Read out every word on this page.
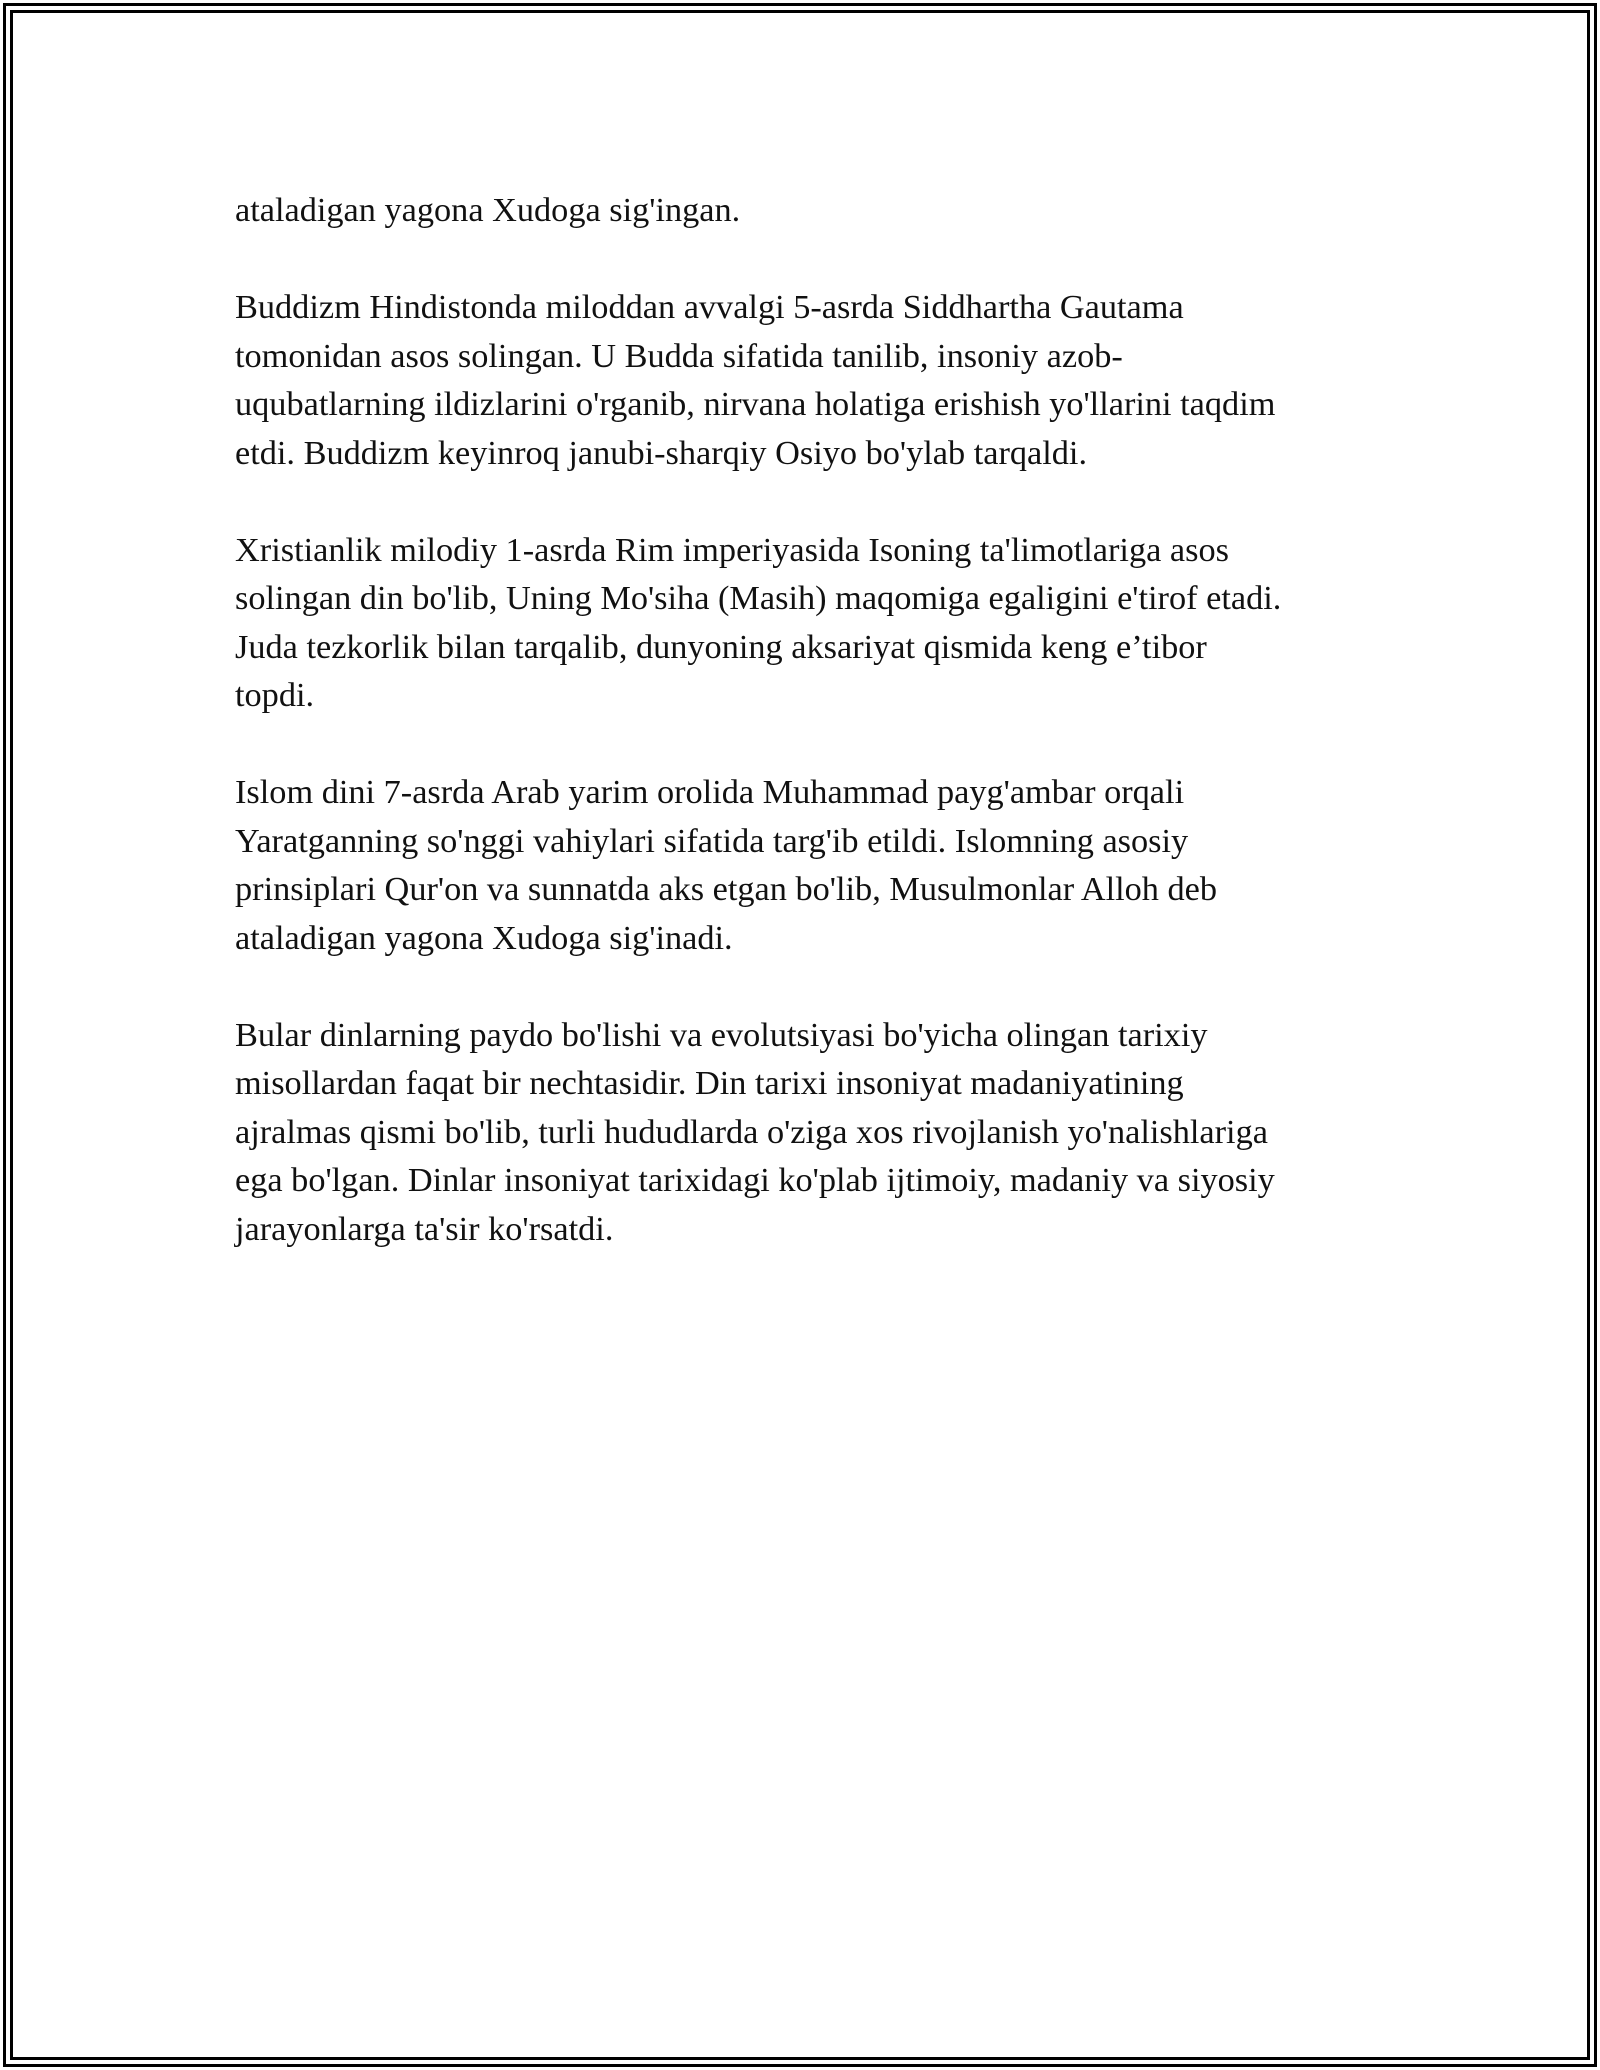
ataladigan yagona Xudoga sig'ingan.

Buddizm Hindistonda miloddan avvalgi 5-asrda Siddhartha Gautama
tomonidan asos solingan. U Budda sifatida tanilib, insoniy azob-
uqubatlarning ildizlarini o'rganib, nirvana holatiga erishish yo'llarini taqdim
etdi. Buddizm keyinroq janubi-sharqiy Osiyo bo'ylab tarqaldi.

Xristianlik milodiy 1-asrda Rim imperiyasida Isoning ta'limotlariga asos
solingan din bo'lib, Uning Mo'siha (Masih) maqomiga egaligini e'tirof etadi.
Juda tezkorlik bilan tarqalib, dunyoning aksariyat qismida keng e’tibor
topdi.

Islom dini 7-asrda Arab yarim orolida Muhammad payg'ambar orqali
Yaratganning so'nggi vahiylari sifatida targ'ib etildi. Islomning asosiy
prinsiplari Qur'on va sunnatda aks etgan bo'lib, Musulmonlar Alloh deb
ataladigan yagona Xudoga sig'inadi.

Bular dinlarning paydo bo'lishi va evolutsiyasi bo'yicha olingan tarixiy
misollardan faqat bir nechtasidir. Din tarixi insoniyat madaniyatining
ajralmas qismi bo'lib, turli hududlarda o'ziga xos rivojlanish yo'nalishlariga
ega bo'lgan. Dinlar insoniyat tarixidagi ko'plab ijtimoiy, madaniy va siyosiy
jarayonlarga ta'sir ko'rsatdi.
